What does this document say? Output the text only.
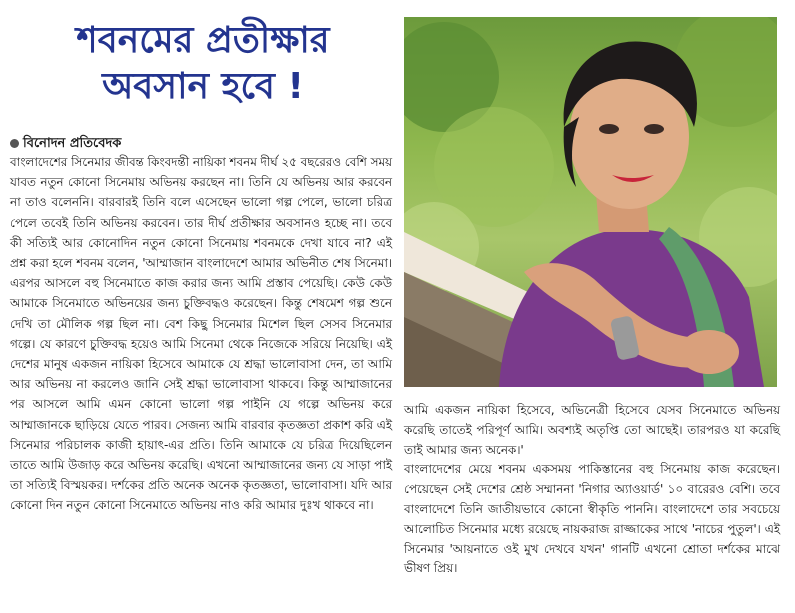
শবনমের প্রতীক্ষার
অবসান হবে !
বিনোদন প্রতিবেদক

বাংলাদেশের সিনেমার জীবন্ত কিংবদন্তী নায়িকা শবনম দীর্ঘ ২৫ বছরেরও বেশি সময় যাবত নতুন কোনো সিনেমায় অভিনয় করছেন না। তিনি যে অভিনয় আর করবেন না তাও বলেননি। বারবারই তিনি বলে এসেছেন ভালো গল্প পেলে, ভালো চরিত্র পেলে তবেই তিনি অভিনয় করবেন। তার দীর্ঘ প্রতীক্ষার অবসানও হচ্ছে না। তবে কী সত্যিই আর কোনোদিন নতুন কোনো সিনেমায় শবনমকে দেখা যাবে না? এই প্রশ্ন করা হলে শবনম বলেন, 'আম্মাজান বাংলাদেশে আমার অভিনীত শেষ সিনেমা। এরপর আসলে বহু সিনেমাতে কাজ করার জন্য আমি প্রস্তাব পেয়েছি। কেউ কেউ আমাকে সিনেমাতে অভিনয়ের জন্য চুক্তিবদ্ধও করেছেন। কিন্তু শেষমেশ গল্প শুনে দেখি তা মৌলিক গল্প ছিল না। বেশ কিছু সিনেমার মিশেল ছিল সেসব সিনেমার গল্পে। যে কারণে চুক্তিবদ্ধ হয়েও আমি সিনেমা থেকে নিজেকে সরিয়ে নিয়েছি। এই দেশের মানুষ একজন নায়িকা হিসেবে আমাকে যে শ্রদ্ধা ভালোবাসা দেন, তা আমি আর অভিনয় না করলেও জানি সেই শ্রদ্ধা ভালোবাসা থাকবে। কিন্তু আম্মাজানের পর আসলে আমি এমন কোনো ভালো গল্প পাইনি যে গল্পে অভিনয় করে আম্মাজানকে ছাড়িয়ে যেতে পারব। সেজন্য আমি বারবার কৃতজ্ঞতা প্রকাশ করি এই সিনেমার পরিচালক কাজী হায়াৎ-এর প্রতি। তিনি আমাকে যে চরিত্র দিয়েছিলেন তাতে আমি উজাড় করে অভিনয় করেছি। এখনো আম্মাজানের জন্য যে সাড়া পাই তা সত্যিই বিস্ময়কর। দর্শকের প্রতি অনেক অনেক কৃতজ্ঞতা, ভালোবাসা। যদি আর কোনো দিন নতুন কোনো সিনেমাতে অভিনয় নাও করি আমার দুঃখ থাকবে না।

আমি একজন নায়িকা হিসেবে, অভিনেত্রী হিসেবে যেসব সিনেমাতে অভিনয় করেছি তাতেই পরিপূর্ণ আমি। অবশ্যই অতৃপ্তি তো আছেই। তারপরও যা করেছি তাই আমার জন্য অনেক।'

বাংলাদেশের মেয়ে শবনম একসময় পাকিস্তানের বহু সিনেমায় কাজ করেছেন। পেয়েছেন সেই দেশের শ্রেষ্ঠ সম্মাননা 'নিগার অ্যাওয়ার্ড' ১০ বারেরও বেশি। তবে বাংলাদেশে তিনি জাতীয়ভাবে কোনো স্বীকৃতি পাননি। বাংলাদেশে তার সবচেয়ে আলোচিত সিনেমার মধ্যে রয়েছে নায়করাজ রাজ্জাকের সাথে 'নাচের পুতুল'। এই সিনেমার 'আয়নাতে ওই মুখ দেখবে যখন' গানটি এখনো শ্রোতা দর্শকের মাঝে ভীষণ প্রিয়।
